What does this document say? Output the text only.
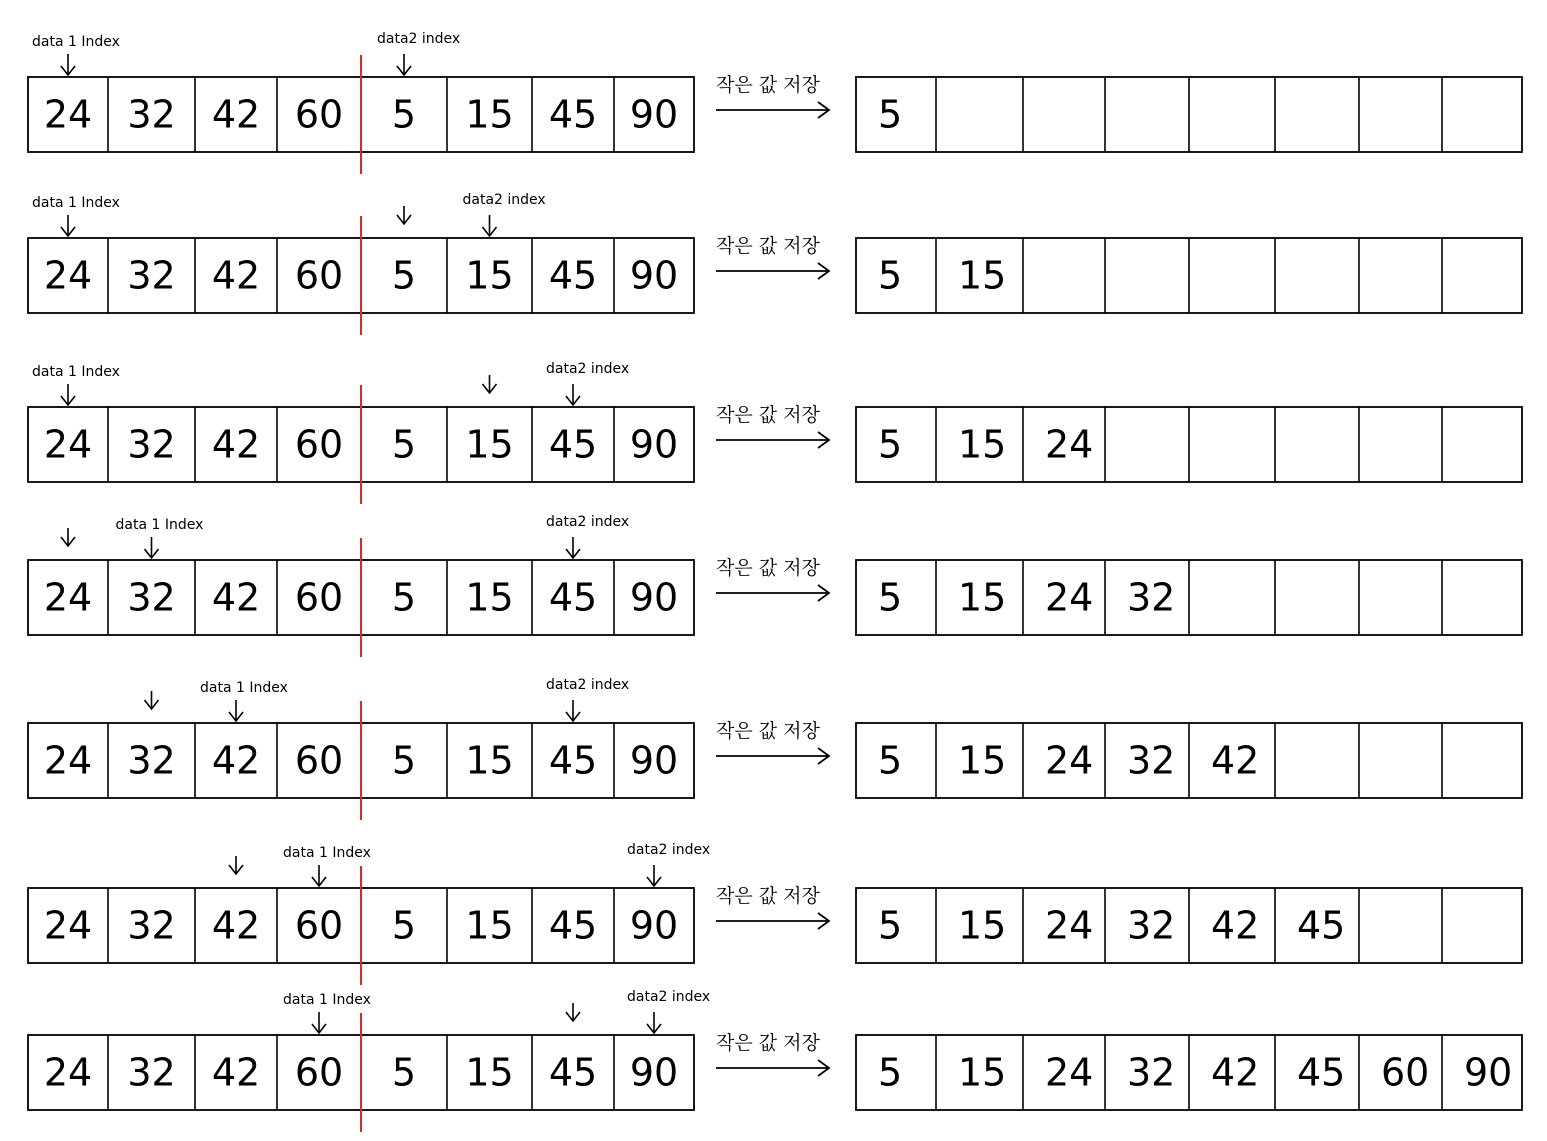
24 32 42 60 5 15 45 90
data 1 Index	data2 index
작은 값 저장
5
24 32 42 60 5 15 45 90
data 1 Index	data2 index
작은 값 저장
5 15
24 32 42 60 5 15 45 90
data 1 Index	data2 index
작은 값 저장
5 15 24
24 32 42 60 5 15 45 90
data 1 Index	data2 index
작은 값 저장
5 15 24 32
24 32 42 60 5 15 45 90
data 1 Index	data2 index
작은 값 저장
5 15 24 32 42
24 32 42 60 5 15 45 90
data 1 Index	data2 index
작은 값 저장
5 15 24 32 42 45
24 32 42 60 5 15 45 90
data 1 Index	data2 index
작은 값 저장
5 15 24 32 42 45 60 90
